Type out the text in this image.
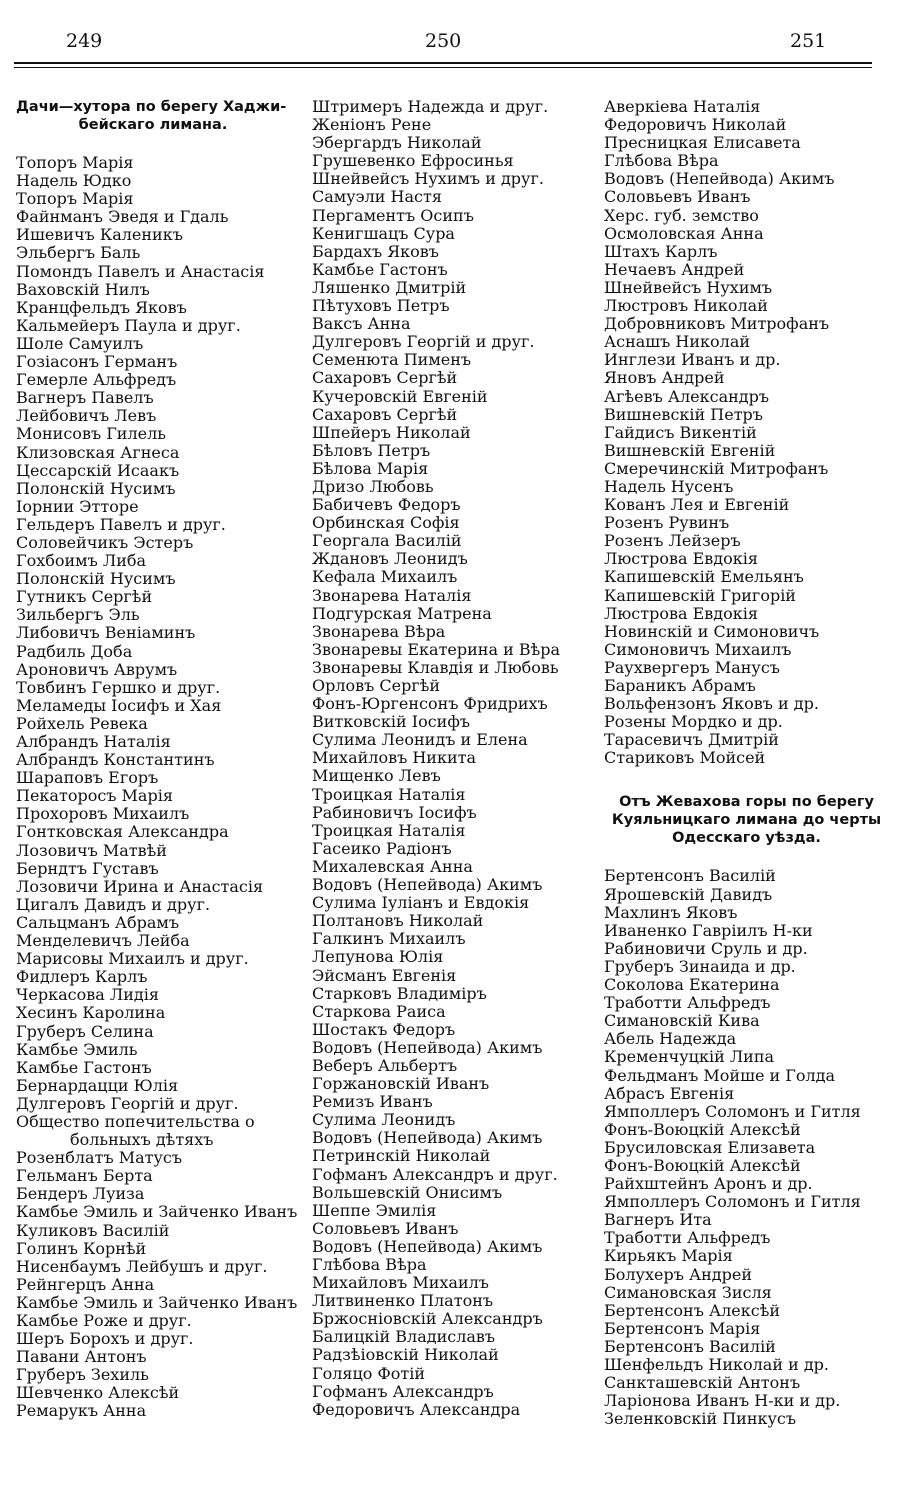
249	250	251
Дачи—хутора по берегу Хаджи-
бейскаго лимана.
Топоръ Марія
Надель Юдко
Топоръ Марія
Файнманъ Эведя и Гдаль
Ишевичъ Каленикъ
Эльбергъ Баль
Помондъ Павелъ и Анастасія
Ваховскій Нилъ
Кранцфельдъ Яковъ
Кальмейеръ Паула и друг.
Шоле Самуилъ
Гозіасонъ Германъ
Гемерле Альфредъ
Вагнеръ Павелъ
Лейбовичъ Левъ
Монисовъ Гилель
Клизовская Агнеса
Цессарскій Исаакъ
Полонскій Нусимъ
Іорнии Этторе
Гельдеръ Павелъ и друг.
Соловейчикъ Эстеръ
Гохбоимъ Либа
Полонскій Нусимъ
Гутникъ Сергѣй
Зильбергъ Эль
Либовичъ Веніаминъ
Радбиль Доба
Ароновичъ Аврумъ
Товбинъ Гершко и друг.
Меламеды Іосифъ и Хая
Ройхель Ревека
Албрандъ Наталія
Албрандъ Константинъ
Шараповъ Егоръ
Пекаторосъ Марія
Прохоровъ Михаилъ
Гонтковская Александра
Лозовичъ Матвѣй
Берндтъ Густавъ
Лозовичи Ирина и Анастасія
Цигалъ Давидъ и друг.
Сальцманъ Абрамъ
Менделевичъ Лейба
Марисовы Михаилъ и друг.
Фидлеръ Карлъ
Черкасова Лидія
Хесинъ Каролина
Груберъ Селина
Камбье Эмиль
Камбье Гастонъ
Бернардацци Юлія
Дулгеровъ Георгій и друг.
Общество попечительства о больныхъ дѣтяхъ
Розенблатъ Матусъ
Гельманъ Берта
Бендеръ Луиза
Камбье Эмиль и Зайченко Иванъ
Куликовъ Василій
Голинъ Корнѣй
Нисенбаумъ Лейбушъ и друг.
Рейнгерцъ Анна
Камбье Эмиль и Зайченко Иванъ
Камбье Роже и друг.
Шеръ Борохъ и друг.
Павани Антонъ
Груберъ Зехиль
Шевченко Алексѣй
Ремарукъ Анна
Штримеръ Надежда и друг.
Женіонъ Рене
Эбергардъ Николай
Грушевенко Ефросинья
Шнейвейсъ Нухимъ и друг.
Самуэли Настя
Пергаментъ Осипъ
Кенигшацъ Сура
Бардахъ Яковъ
Камбье Гастонъ
Ляшенко Дмитрій
Пѣтуховъ Петръ
Ваксъ Анна
Дулгеровъ Георгій и друг.
Семенюта Пименъ
Сахаровъ Сергѣй
Кучеровскій Евгеній
Сахаровъ Сергѣй
Шпейеръ Николай
Бѣловъ Петръ
Бѣлова Марія
Дризо Любовь
Бабичевъ Федоръ
Орбинская Софія
Георгала Василій
Ждановъ Леонидъ
Кефала Михаилъ
Звонарева Наталія
Подгурская Матрена
Звонарева Вѣра
Звонаревы Екатерина и Вѣра
Звонаревы Клавдія и Любовь
Орловъ Сергѣй
Фонъ-Юргенсонъ Фридрихъ
Витковскій Іосифъ
Сулима Леонидъ и Елена
Михайловъ Никита
Мищенко Левъ
Троицкая Наталія
Рабиновичъ Іосифъ
Троицкая Наталія
Гасеико Радіонъ
Михалевская Анна
Водовъ (Непейвода) Акимъ
Сулима Іуліанъ и Евдокія
Полтановъ Николай
Галкинъ Михаилъ
Лепунова Юлія
Эйсманъ Евгенія
Старковъ Владиміръ
Старкова Раиса
Шостакъ Федоръ
Водовъ (Непейвода) Акимъ
Веберъ Альбертъ
Горжановскій Иванъ
Ремизъ Иванъ
Сулима Леонидъ
Водовъ (Непейвода) Акимъ
Петринскій Николай
Гофманъ Александръ и друг.
Вольшевскій Онисимъ
Шеппе Эмилія
Соловьевъ Иванъ
Водовъ (Непейвода) Акимъ
Глѣбова Вѣра
Михайловъ Михаилъ
Литвиненко Платонъ
Бржосніовскій Александръ
Балицкій Владиславъ
Радзѣіовскій Николай
Голяцо Фотій
Гофманъ Александръ
Федоровичъ Александра
Аверкіева Наталія
Федоровичъ Николай
Пресницкая Елисавета
Глѣбова Вѣра
Водовъ (Непейвода) Акимъ
Соловьевъ Иванъ
Херс. губ. земство
Осмоловская Анна
Штахъ Карлъ
Нечаевъ Андрей
Шнейвейсъ Нухимъ
Люстровъ Николай
Добровниковъ Митрофанъ
Аснашъ Николай
Инглези Иванъ и др.
Яновъ Андрей
Агѣевъ Александръ
Вишневскій Петръ
Гайдисъ Викентій
Вишневскій Евгеній
Смеречинскій Митрофанъ
Надель Нусенъ
Кованъ Лея и Евгеній
Розенъ Рувинъ
Розенъ Лейзеръ
Люстрова Евдокія
Капишевскій Емельянъ
Капишевскій Григорій
Люстрова Евдокія
Новинскій и Симоновичъ
Симоновичъ Михаилъ
Раухвергеръ Манусъ
Бараникъ Абрамъ
Вольфензонъ Яковъ и др.
Розены Мордко и др.
Тарасевичъ Дмитрій
Стариковъ Мойсей
Отъ Жевахова горы по берегу
Куяльницкаго лимана до черты
Одесскаго уѣзда.
Бертенсонъ Василій
Ярошевскій Давидъ
Махлинъ Яковъ
Иваненко Гавріилъ Н-ки
Рабиновичи Сруль и др.
Груберъ Зинаида и др.
Соколова Екатерина
Тработти Альфредъ
Симановскій Кива
Абель Надежда
Кременчуцкій Липа
Фельдманъ Мойше и Голда
Абрасъ Евгенія
Ямполлеръ Соломонъ и Гитля
Фонъ-Воюцкій Алексѣй
Брусиловская Елизавета
Фонъ-Воюцкій Алексѣй
Райхштейнъ Аронъ и др.
Ямполлеръ Соломонъ и Гитля
Вагнеръ Ита
Тработти Альфредъ
Кирьякъ Марія
Болухеръ Андрей
Симановская Зисля
Бертенсонъ Алексѣй
Бертенсонъ Марія
Бертенсонъ Василій
Шенфельдъ Николай и др.
Санкташевскій Антонъ
Ларіонова Иванъ Н-ки и др.
Зеленковскій Пинкусъ
